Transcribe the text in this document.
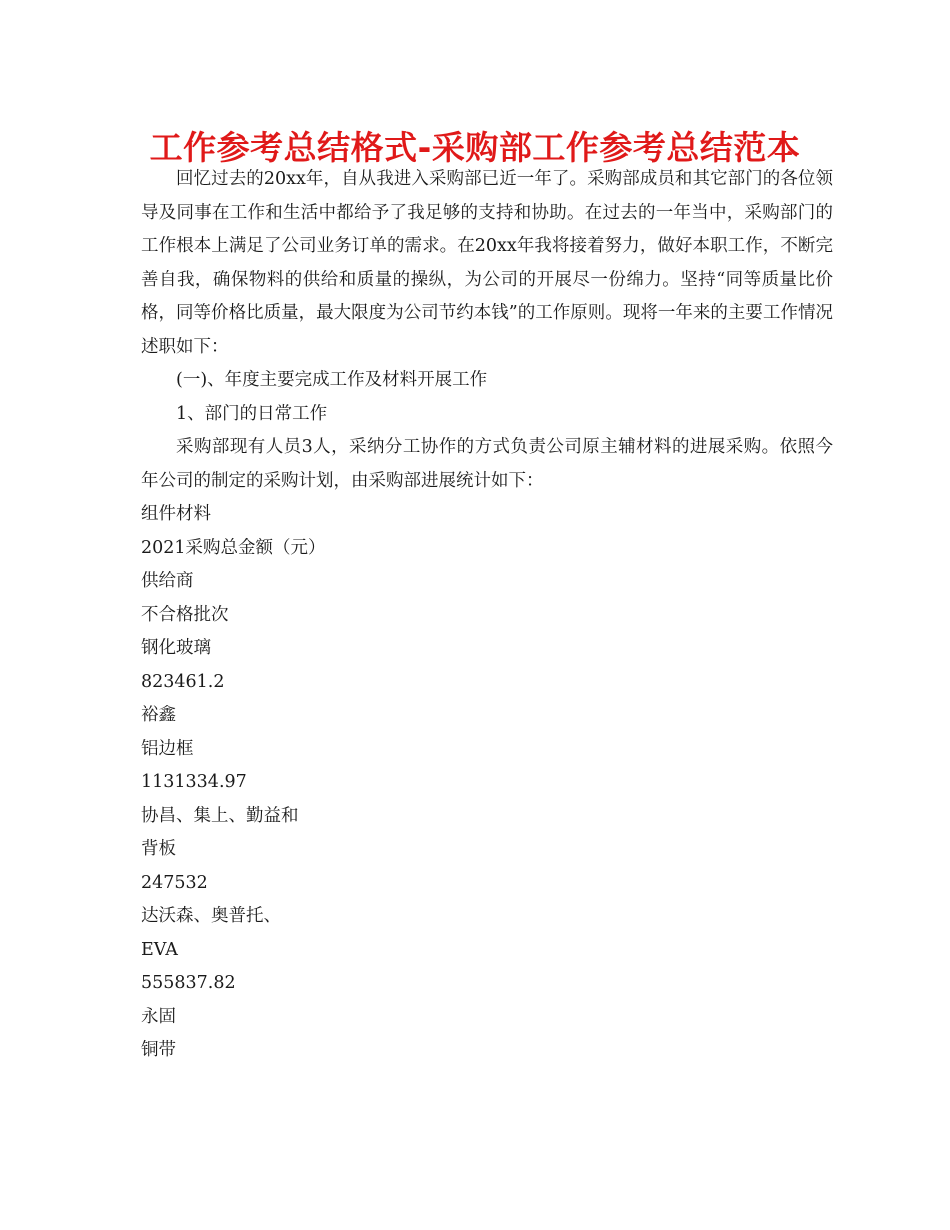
工作参考总结格式-采购部工作参考总结范本

回忆过去的20xx年，自从我进入采购部已近一年了。采购部成员和其它部门的各位领导及同事在工作和生活中都给予了我足够的支持和协助。在过去的一年当中，采购部门的工作根本上满足了公司业务订单的需求。在20xx年我将接着努力，做好本职工作，不断完善自我，确保物料的供给和质量的操纵，为公司的开展尽一份绵力。坚持“同等质量比价格，同等价格比质量，最大限度为公司节约本钱”的工作原则。现将一年来的主要工作情况述职如下：

(一)、年度主要完成工作及材料开展工作

1、部门的日常工作

采购部现有人员3人，采纳分工协作的方式负责公司原主辅材料的进展采购。依照今年公司的制定的采购计划，由采购部进展统计如下：

组件材料

2021采购总金额（元）

供给商

不合格批次

钢化玻璃

823461.2

裕鑫

铝边框

1131334.97

协昌、集上、勤益和

背板

247532

达沃森、奥普托、

EVA

555837.82

永固

铜带
